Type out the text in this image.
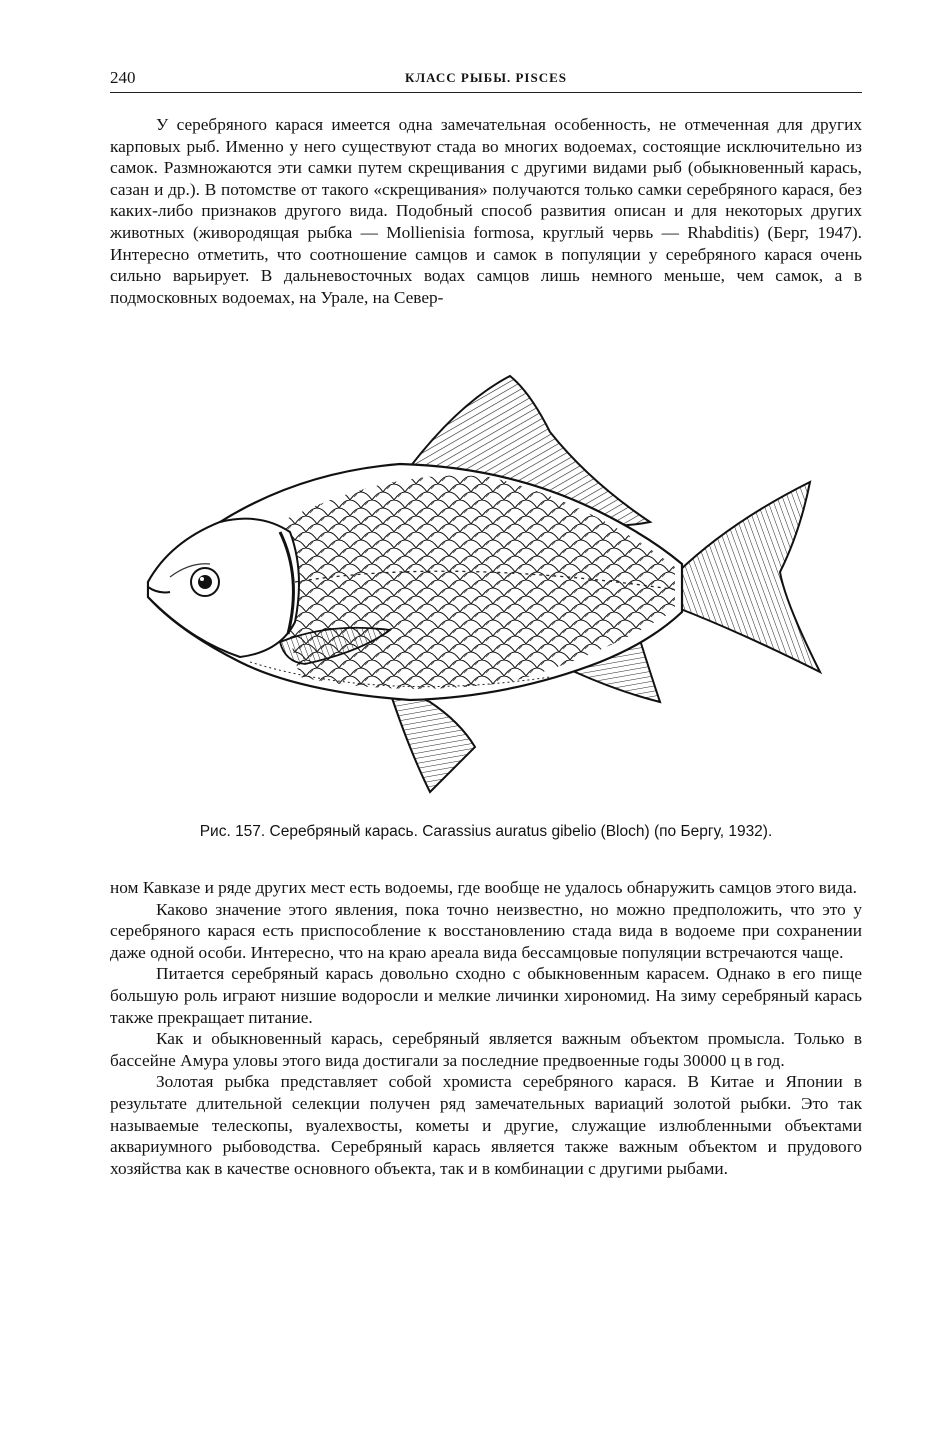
240	КЛАСС РЫБЫ. PISCES

У серебряного карася имеется одна замечательная особенность, не отмеченная для других карповых рыб. Именно у него существуют стада во многих водоемах, состоящие исключительно из самок. Размножаются эти самки путем скрещивания с другими видами рыб (обыкновенный карась, сазан и др.). В потомстве от такого «скрещивания» получаются только самки серебряного карася, без каких-либо признаков другого вида. Подобный способ развития описан и для некоторых других животных (живородящая рыбка — Mollienisia formosa, круглый червь — Rhabditis) (Берг, 1947). Интересно отметить, что соотношение самцов и самок в популяции у серебряного карася очень сильно варьирует. В дальневосточных водах самцов лишь немного меньше, чем самок, а в подмосковных водоемах, на Урале, на Север-

Рис. 157. Серебряный карась. Carassius auratus gibelio (Bloch) (по Бергу, 1932).

ном Кавказе и ряде других мест есть водоемы, где вообще не удалось обнаружить самцов этого вида.

Каково значение этого явления, пока точно неизвестно, но можно предположить, что это у серебряного карася есть приспособление к восстановлению стада вида в водоеме при сохранении даже одной особи. Интересно, что на краю ареала вида бессамцовые популяции встречаются чаще.

Питается серебряный карась довольно сходно с обыкновенным карасем. Однако в его пище большую роль играют низшие водоросли и мелкие личинки хирономид. На зиму серебряный карась также прекращает питание.

Как и обыкновенный карась, серебряный является важным объектом промысла. Только в бассейне Амура уловы этого вида достигали за последние предвоенные годы 30000 ц в год.

Золотая рыбка представляет собой хромиста серебряного карася. В Китае и Японии в результате длительной селекции получен ряд замечательных вариаций золотой рыбки. Это так называемые телескопы, вуалехвосты, кометы и другие, служащие излюбленными объектами аквариумного рыбоводства. Серебряный карась является также важным объектом и прудового хозяйства как в качестве основного объекта, так и в комбинации с другими рыбами.
